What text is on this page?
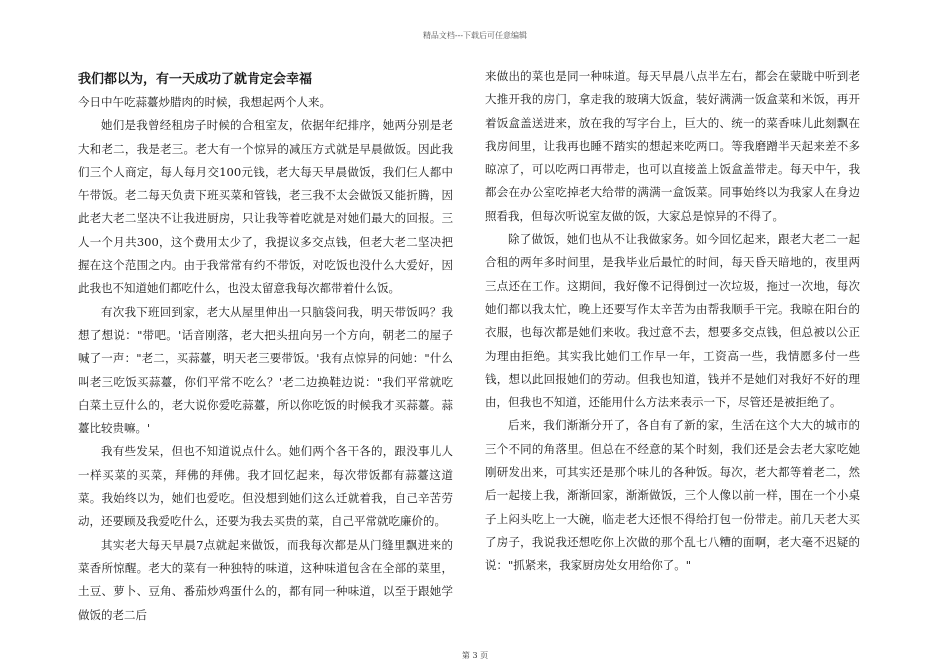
精品文档---下载后可任意编辑
我们都以为，有一天成功了就肯定会幸福

今日中午吃蒜薹炒腊肉的时候，我想起两个人来。

她们是我曾经租房子时候的合租室友，依据年纪排序，她两分别是老大和老二，我是老三。老大有一个惊异的减压方式就是早晨做饭。因此我们三个人商定，每人每月交100元钱，老大每天早晨做饭，我们仨人都中午带饭。老二每天负责下班买菜和管钱，老三我不太会做饭又能折腾，因此老大老二坚决不让我进厨房，只让我等着吃就是对她们最大的回报。三人一个月共300，这个费用太少了，我提议多交点钱，但老大老二坚决把握在这个范围之内。由于我常常有约不带饭，对吃饭也没什么大爱好，因此我也不知道她们都吃什么，也没太留意我每次都带着什么饭。

有次我下班回到家，老大从屋里伸出一只脑袋问我，明天带饭吗？我想了想说："带吧。'话音刚落，老大把头扭向另一个方向，朝老二的屋子喊了一声："老二，买蒜薹，明天老三要带饭。'我有点惊异的问她："什么叫老三吃饭买蒜薹，你们平常不吃么？'老二边换鞋边说："我们平常就吃白菜土豆什么的，老大说你爱吃蒜薹，所以你吃饭的时候我才买蒜薹。蒜薹比较贵嘛。'

我有些发呆，但也不知道说点什么。她们两个各干各的，跟没事儿人一样买菜的买菜，拜佛的拜佛。我才回忆起来，每次带饭都有蒜薹这道菜。我始终以为，她们也爱吃。但没想到她们这么迁就着我，自己辛苦劳动，还要顾及我爱吃什么，还要为我去买贵的菜，自己平常就吃廉价的。

其实老大每天早晨7点就起来做饭，而我每次都是从门缝里飘进来的菜香所惊醒。老大的菜有一种独特的味道，这种味道包含在全部的菜里，土豆、萝卜、豆角、番茄炒鸡蛋什么的，都有同一种味道，以至于跟她学做饭的老二后

来做出的菜也是同一种味道。每天早晨八点半左右，都会在蒙眬中听到老大推开我的房门，拿走我的玻璃大饭盒，装好满满一饭盒菜和米饭，再开着饭盒盖送进来，放在我的写字台上，巨大的、统一的菜香味儿此刻飘在我房间里，让我再也睡不踏实的想起来吃两口。等我磨蹭半天起来差不多晾凉了，可以吃两口再带走，也可以直接盖上饭盒盖带走。每天中午，我都会在办公室吃掉老大给带的满满一盒饭菜。同事始终以为我家人在身边照看我，但每次听说室友做的饭，大家总是惊异的不得了。

除了做饭，她们也从不让我做家务。如今回忆起来，跟老大老二一起合租的两年多时间里，是我毕业后最忙的时间，每天昏天暗地的，夜里两三点还在工作。这期间，我好像不记得倒过一次垃圾，拖过一次地，每次她们都以我太忙，晚上还要写作太辛苦为由帮我顺手干完。我晾在阳台的衣服，也每次都是她们来收。我过意不去，想要多交点钱，但总被以公正为理由拒绝。其实我比她们工作早一年，工资高一些，我情愿多付一些钱，想以此回报她们的劳动。但我也知道，钱并不是她们对我好不好的理由，但我也不知道，还能用什么方法来表示一下，尽管还是被拒绝了。

后来，我们渐渐分开了，各自有了新的家，生活在这个大大的城市的三个不同的角落里。但总在不经意的某个时刻，我们还是会去老大家吃她刚研发出来，可其实还是那个味儿的各种饭。每次，老大都等着老二，然后一起接上我，渐渐回家，渐渐做饭，三个人像以前一样，围在一个小桌子上闷头吃上一大碗，临走老大还恨不得给打包一份带走。前几天老大买了房子，我说我还想吃你上次做的那个乱七八糟的面啊，老大毫不迟疑的说："抓紧来，我家厨房处女用给你了。"

第 3 页
